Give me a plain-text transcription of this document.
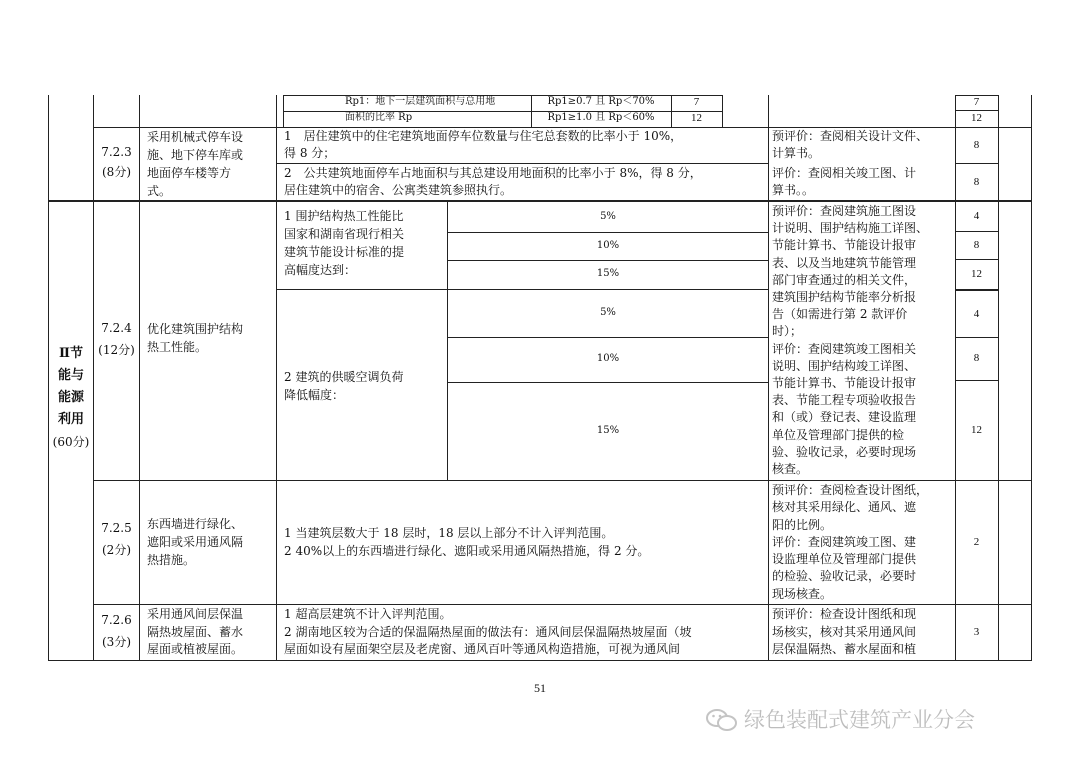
Rp1：地下一层建筑面积与总用地
面积的比率 Rp
Rp1≥0.7 且 Rp＜70%
Rp1≥1.0 且 Rp＜60%
7
12
7
12
Ⅱ节
能与
能源
利用
(60分)
7.2.3
(8分)
采用机械式停车设
施、地下停车库或
地面停车楼等方
式。
1　居住建筑中的住宅建筑地面停车位数量与住宅总套数的比率小于 10%，
得 8 分；
2　公共建筑地面停车占地面积与其总建设用地面积的比率小于 8%，得 8 分，
居住建筑中的宿舍、公寓类建筑参照执行。
预评价：查阅相关设计文件、
计算书。
评价：查阅相关竣工图、计
算书。。
8
8
7.2.4
(12分)
优化建筑围护结构
热工性能。
1 围护结构热工性能比
国家和湖南省现行相关
建筑节能设计标准的提
高幅度达到：
2 建筑的供暖空调负荷
降低幅度：
5%
10%
15%
5%
10%
15%
预评价：查阅建筑施工图设
计说明、围护结构施工详图、
节能计算书、节能设计报审
表、以及当地建筑节能管理
部门审查通过的相关文件，
建筑围护结构节能率分析报
告（如需进行第 2 款评价
时）；
评价：查阅建筑竣工图相关
说明、围护结构竣工详图、
节能计算书、节能设计报审
表、节能工程专项验收报告
和（或）登记表、建设监理
单位及管理部门提供的检
验、验收记录，必要时现场
核查。
4
8
12
4
8
12
7.2.5
(2分)
东西墙进行绿化、
遮阳或采用通风隔
热措施。
1 当建筑层数大于 18 层时，18 层以上部分不计入评判范围。
2 40%以上的东西墙进行绿化、遮阳或采用通风隔热措施，得 2 分。
预评价：查阅检查设计图纸，
核对其采用绿化、通风、遮
阳的比例。
评价：查阅建筑竣工图、建
设监理单位及管理部门提供
的检验、验收记录，必要时
现场核查。
2
7.2.6
(3分)
采用通风间层保温
隔热坡屋面、蓄水
屋面或植被屋面。
1 超高层建筑不计入评判范围。
2 湖南地区较为合适的保温隔热屋面的做法有：通风间层保温隔热坡屋面（坡
屋面如设有屋面架空层及老虎窗、通风百叶等通风构造措施，可视为通风间
预评价：检查设计图纸和现
场核实，核对其采用通风间
层保温隔热、蓄水屋面和植
3
51
绿色装配式建筑产业分会
